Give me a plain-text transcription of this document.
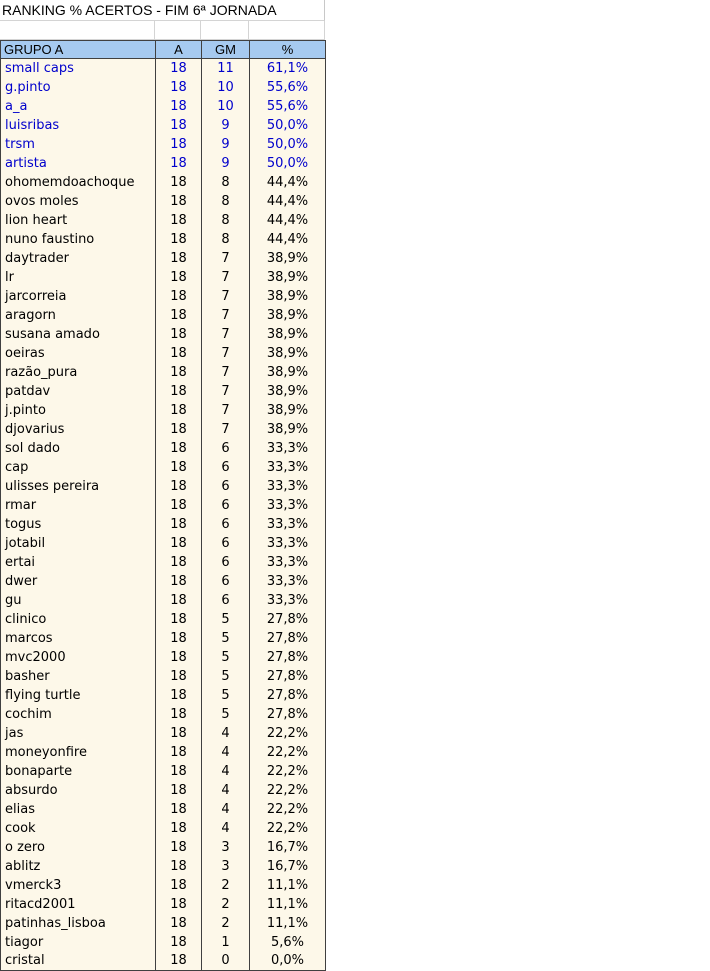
RANKING % ACERTOS - FIM 6ª JORNADA
GRUPO A	A	GM	%
small caps	18	11	61,1%
g.pinto	18	10	55,6%
a_a	18	10	55,6%
luisribas	18	9	50,0%
trsm	18	9	50,0%
artista	18	9	50,0%
ohomemdoachoque	18	8	44,4%
ovos moles	18	8	44,4%
lion heart	18	8	44,4%
nuno faustino	18	8	44,4%
daytrader	18	7	38,9%
lr	18	7	38,9%
jarcorreia	18	7	38,9%
aragorn	18	7	38,9%
susana amado	18	7	38,9%
oeiras	18	7	38,9%
razão_pura	18	7	38,9%
patdav	18	7	38,9%
j.pinto	18	7	38,9%
djovarius	18	7	38,9%
sol dado	18	6	33,3%
cap	18	6	33,3%
ulisses pereira	18	6	33,3%
rmar	18	6	33,3%
togus	18	6	33,3%
jotabil	18	6	33,3%
ertai	18	6	33,3%
dwer	18	6	33,3%
gu	18	6	33,3%
clinico	18	5	27,8%
marcos	18	5	27,8%
mvc2000	18	5	27,8%
basher	18	5	27,8%
flying turtle	18	5	27,8%
cochim	18	5	27,8%
jas	18	4	22,2%
moneyonfire	18	4	22,2%
bonaparte	18	4	22,2%
absurdo	18	4	22,2%
elias	18	4	22,2%
cook	18	4	22,2%
o zero	18	3	16,7%
ablitz	18	3	16,7%
vmerck3	18	2	11,1%
ritacd2001	18	2	11,1%
patinhas_lisboa	18	2	11,1%
tiagor	18	1	5,6%
cristal	18	0	0,0%
